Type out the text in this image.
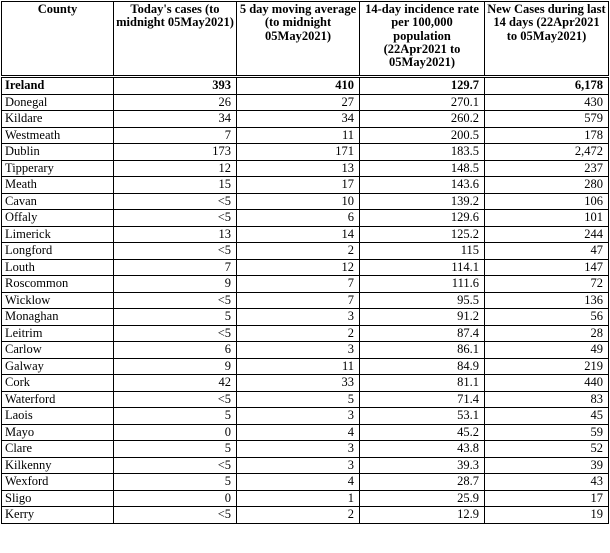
County	Today's cases (to midnight 05May2021)	5 day moving average (to midnight 05May2021)	14-day incidence rate per 100,000 population (22Apr2021 to 05May2021)	New Cases during last 14 days (22Apr2021 to 05May2021)
Ireland	393	410	129.7	6,178
Donegal	26	27	270.1	430
Kildare	34	34	260.2	579
Westmeath	7	11	200.5	178
Dublin	173	171	183.5	2,472
Tipperary	12	13	148.5	237
Meath	15	17	143.6	280
Cavan	<5	10	139.2	106
Offaly	<5	6	129.6	101
Limerick	13	14	125.2	244
Longford	<5	2	115	47
Louth	7	12	114.1	147
Roscommon	9	7	111.6	72
Wicklow	<5	7	95.5	136
Monaghan	5	3	91.2	56
Leitrim	<5	2	87.4	28
Carlow	6	3	86.1	49
Galway	9	11	84.9	219
Cork	42	33	81.1	440
Waterford	<5	5	71.4	83
Laois	5	3	53.1	45
Mayo	0	4	45.2	59
Clare	5	3	43.8	52
Kilkenny	<5	3	39.3	39
Wexford	5	4	28.7	43
Sligo	0	1	25.9	17
Kerry	<5	2	12.9	19
